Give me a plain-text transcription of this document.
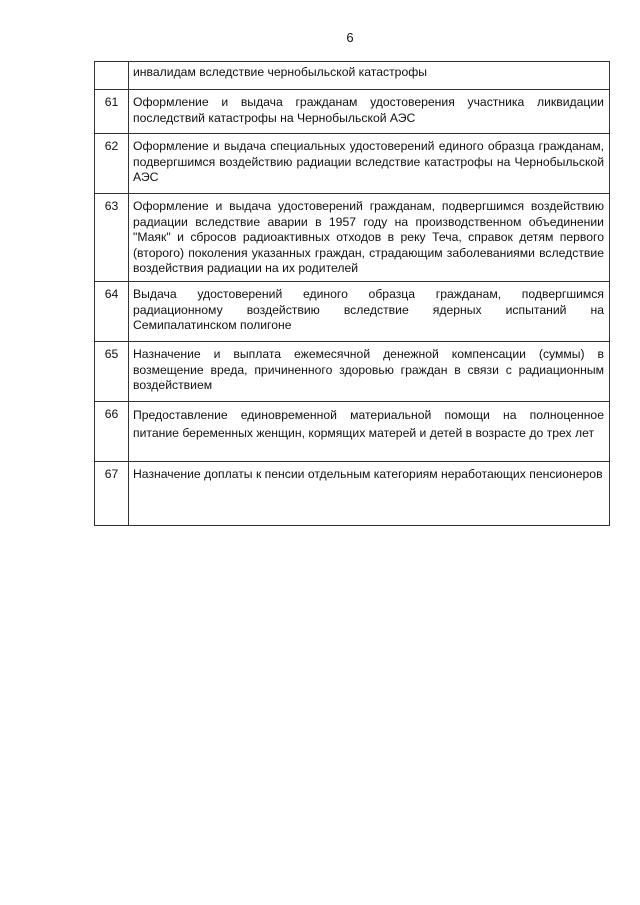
6
	инвалидам вследствие чернобыльской катастрофы
61	Оформление и выдача гражданам удостоверения участника ликвидации последствий катастрофы на Чернобыльской АЭС
62	Оформление и выдача специальных удостоверений единого образца гражданам, подвергшимся воздействию радиации вследствие катастрофы на Чернобыльской АЭС
63	Оформление и выдача удостоверений гражданам, подвергшимся воздействию радиации вследствие аварии в 1957 году на производственном объединении "Маяк" и сбросов радиоактивных отходов в реку Теча, справок детям первого (второго) поколения указанных граждан, страдающим заболеваниями вследствие воздействия радиации на их родителей
64	Выдача удостоверений единого образца гражданам, подвергшимся радиационному воздействию вследствие ядерных испытаний на Семипалатинском полигоне
65	Назначение и выплата ежемесячной денежной компенсации (суммы) в возмещение вреда, причиненного здоровью граждан в связи с радиационным воздействием
66	Предоставление единовременной материальной помощи на полноценное питание беременных женщин, кормящих матерей и детей в возрасте до трех лет
67	Назначение доплаты к пенсии отдельным категориям неработающих пенсионеров
